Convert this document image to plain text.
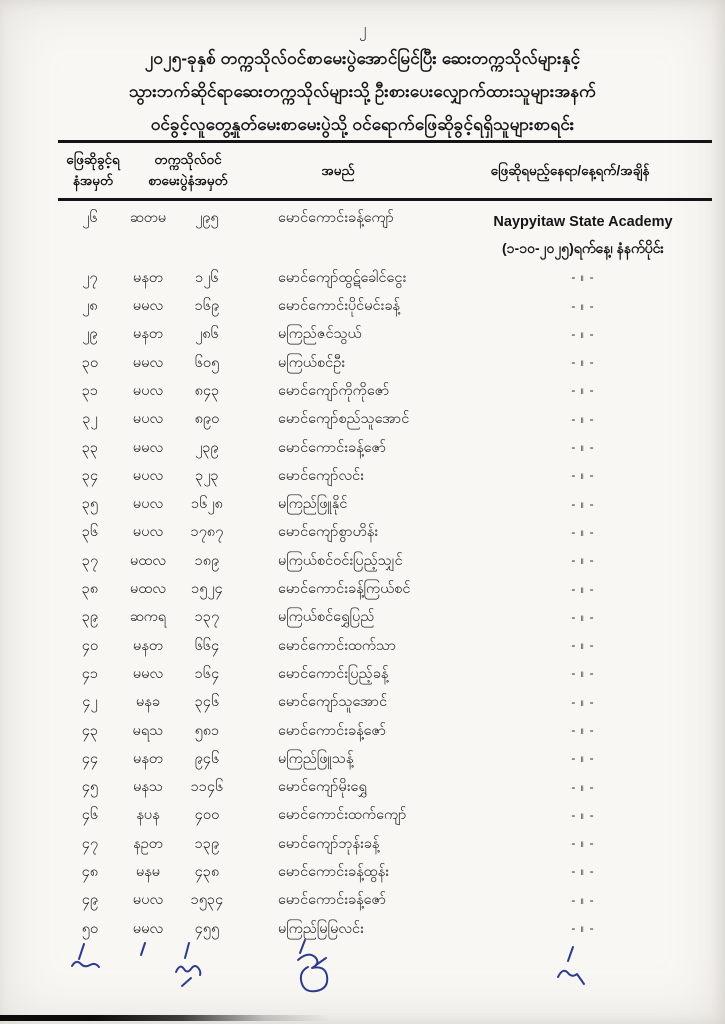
၂
၂၀၂၅-ခုနှစ် တက္ကသိုလ်ဝင်စာမေးပွဲအောင်မြင်ပြီး ဆေးတက္ကသိုလ်များနှင့်
သွားဘက်ဆိုင်ရာဆေးတက္ကသိုလ်များသို့ ဦးစားပေးလျှောက်ထားသူများအနက်
ဝင်ခွင့်လူတွေ့နှုတ်မေးစာမေးပွဲသို့ ဝင်ရောက်ဖြေဆိုခွင့်ရရှိသူများစာရင်း
ဖြေဆိုခွင့်ရ
နံအမှတ်
တက္ကသိုလ်ဝင်
စာမေးပွဲနံအမှတ်
အမည်	ဖြေဆိုရမည့်နေရာ/နေ့ရက်/အချိန်
၂၆	ဆတမ	၂၉၅	မောင်ကောင်းခန့်ကျော်	Naypyitaw State Academy
(၁-၁၀-၂၀၂၅)ရက်နေ့၊ နံနက်ပိုင်း
၂၇	မနတ	၁၂၆	မောင်ကျော်ထွဋ်ခေါင်ငွေး	- ။ -
၂၈	မမလ	၁၆၉	မောင်ကောင်းပိုင်မင်းခန့်	- ။ -
၂၉	မနတ	၂၈၆	မကြည်ဇင်သွယ်	- ။ -
၃၀	မမလ	၆၀၅	မကြယ်စင်ဦး	- ။ -
၃၁	မပလ	၈၄၃	မောင်ကျော်ကိုကိုဇော်	- ။ -
၃၂	မပလ	၈၉၀	မောင်ကျော်စည်သူအောင်	- ။ -
၃၃	မမလ	၂၃၉	မောင်ကောင်းခန့်ဇော်	- ။ -
၃၄	မပလ	၃၂၃	မောင်ကျော်လင်း	- ။ -
၃၅	မပလ	၁၆၂၈	မကြည်ဖြူနိုင်	- ။ -
၃၆	မပလ	၁၇၈၇	မောင်ကျော်စွာဟိန်း	- ။ -
၃၇	မထလ	၁၈၉	မကြယ်စင်ဝင်းပြည့်သျှင်	- ။ -
၃၈	မထလ	၁၅၂၄	မောင်ကောင်းခန့်ကြယ်စင်	- ။ -
၃၉	ဆကရ	၁၃၇	မကြယ်စင်ရွှေပြည်	- ။ -
၄၀	မနတ	၆၆၄	မောင်ကောင်းထက်သာ	- ။ -
၄၁	မမလ	၁၆၄	မောင်ကောင်းပြည့်ခန့်	- ။ -
၄၂	မနခ	၃၄၆	မောင်ကျော်သူအောင်	- ။ -
၄၃	မရသ	၅၈၁	မောင်ကောင်းခန့်ဇော်	- ။ -
၄၄	မနတ	၉၄၆	မကြည်ဖြူသန့်	- ။ -
၄၅	မနသ	၁၁၄၆	မောင်ကျော်မိုးရွှေ	- ။ -
၄၆	နပန	၄၀၀	မောင်ကောင်းထက်ကျော်	- ။ -
၄၇	နဥတ	၁၃၉	မောင်ကျော်ဘုန်းခန့်	- ။ -
၄၈	မနမ	၄၃၈	မောင်ကောင်းခန့်ထွန်း	- ။ -
၄၉	မပလ	၁၅၃၄	မောင်ကောင်းခန့်ဇော်	- ။ -
၅၀	မမလ	၄၅၅	မကြည်မြမြလင်း	- ။ -
